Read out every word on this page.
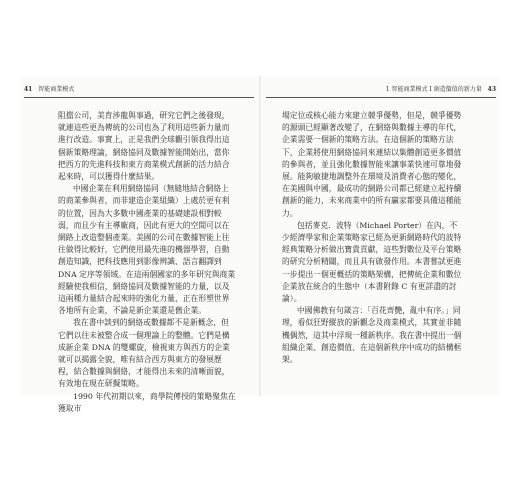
41 智能商業模式

阻擋公司，美育涉龍與事過，研究它們之後發現，就連這些更為傳統的公司也為了利用這些新力量而進行改造。事實上，正是我們全球觀引領我得出這個新策略理論，網絡協同及數據智能開始出，當你把西方的先進科技和東方商業模式創新的活力結合起來時，可以獲得什麼結果。

中國企業在利用網絡協同（無縫地結合網絡上的商業參與者，而非建造企業組織）上處於更有利的位置，因為大多數中國產業的基礎建設相對較弱，而且少有主導廠商，因此有更大的空間可以在網路上改造整個產業。美國的公司在數據智能上往往做得比較好，它們使用最先進的機器學習，自動創造知識，把科技應用到影像辨識、語言翻譯到 DNA 定序等領域。在這兩個國家的多年研究與商業經驗使我相信，網絡協同及數據智能的力量，以及這兩種力量結合起來時的強化力量，正在形塑世界各地所有企業，不論是新企業還是舊企業。

我在書中談到的網絡或數據都不是新概念，但它們以往未被整合成一個理論上的整體。它們是構成新企業 DNA 的雙螺旋，檢視東方與西方的企業就可以揭露全貌，唯有結合西方與東方的發展歷程，結合數據與網絡，才能得出未來的清晰面貌，有效地在現在研擬策略。

1990 年代初期以來，商學院傳授的策略聚焦在獲取市

1 智能商業模式 I 創造價值的新力量 43

場定位或核心能力來建立競爭優勢，但是，競爭優勢的源頭已經顯著改變了，在網絡與數據主導的年代，企業需要一個新的策略方法。在這個新的策略方法下，企業將使用網絡協同來連結以集體創造更多價值的參與者，並且強化數據智能來讓事業快速可靠地發展。能夠敏捷地調整外在環境及消費者心態的變化，在美國與中國，最成功的網路公司都已經建立起持續創新的能力，未來商業中的所有贏家都要具備這種能力。

包括麥克．波特（Michael Porter）在內，不少經濟學家和企業策略家已經為更新網路時代的波特經典策略分析做出寶貴貢獻，這些對數位及平台策略的研究分析精闢，而且具有啟發作用。本書嘗試更進一步提出一個更概括的策略架構，把傳統企業和數位企業放在統合的生態中（本書附錄 C 有更詳盡的討論）。

中國佛教有句箴言：「百花齊艷，亂中有序。」同理，看似狂野縱放的新觀念及商業模式，其實並非隨機偶然，這其中浮現一種新秩序。我在書中提出一個組織企業、創造價值、在這個新秩序中成功的結構框架。
